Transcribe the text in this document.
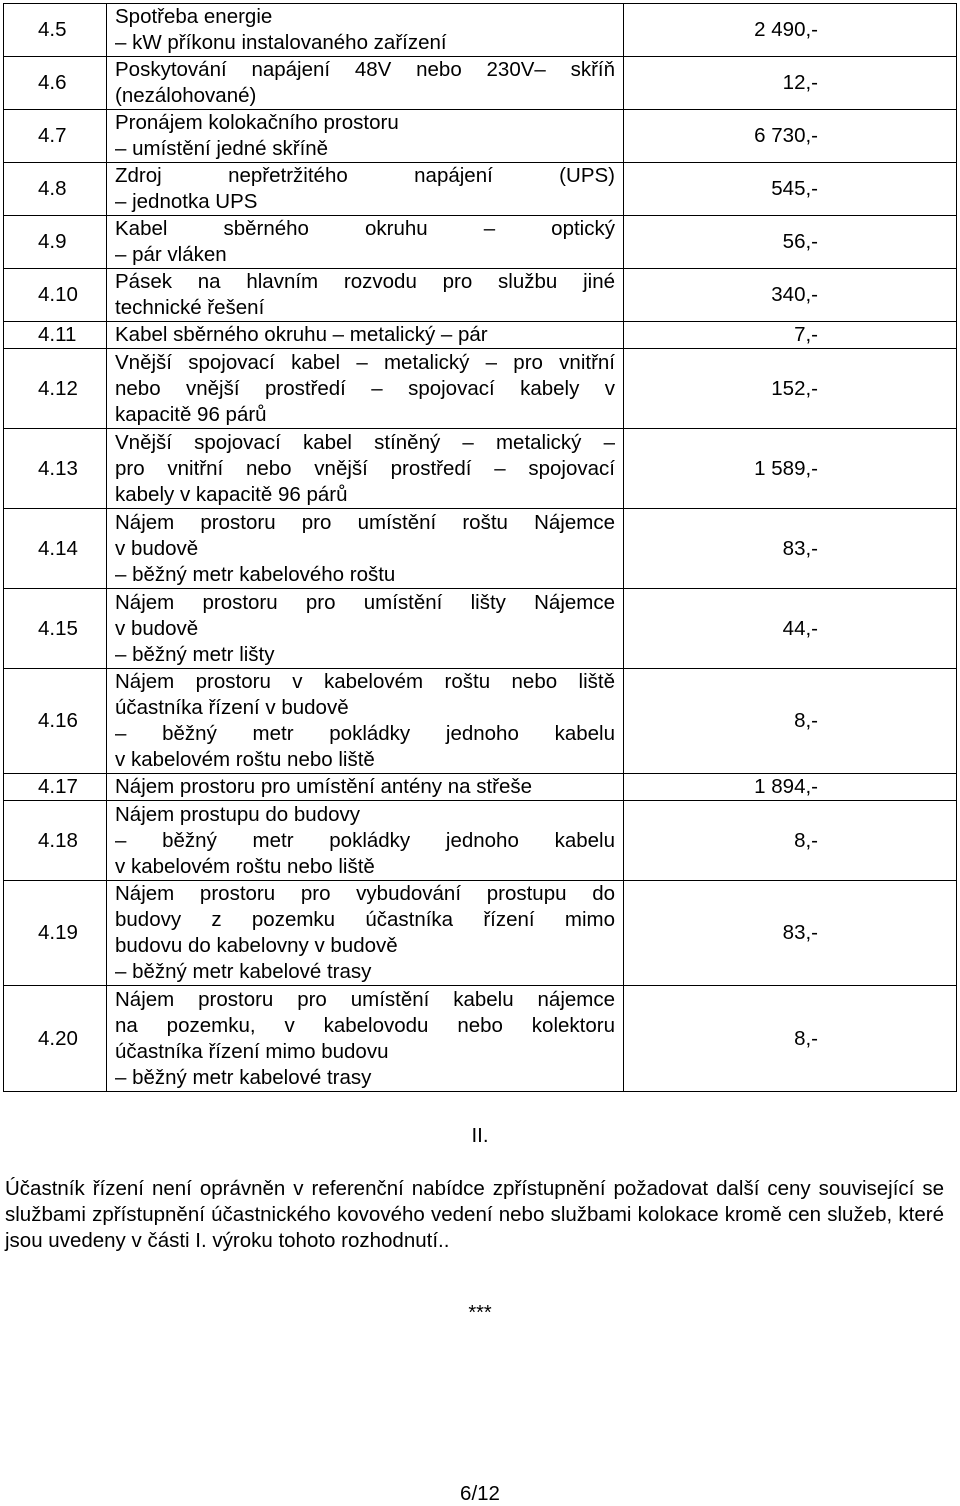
4.5	Spotřeba energie
– kW příkonu instalovaného zařízení	2 490,-
4.6	Poskytování napájení 48V nebo 230V– skříň
(nezálohované)	12,-
4.7	Pronájem kolokačního prostoru
– umístění jedné skříně	6 730,-
4.8	Zdroj nepřetržitého napájení (UPS)
– jednotka UPS	545,-
4.9	Kabel sběrného okruhu – optický
– pár vláken	56,-
4.10	Pásek na hlavním rozvodu pro službu jiné
technické řešení	340,-
4.11	Kabel sběrného okruhu – metalický – pár	7,-
4.12	Vnější spojovací kabel – metalický – pro vnitřní
nebo vnější prostředí – spojovací kabely v
kapacitě 96 párů	152,-
4.13	Vnější spojovací kabel stíněný – metalický –
pro vnitřní nebo vnější prostředí – spojovací
kabely v kapacitě 96 párů	1 589,-
4.14	Nájem prostoru pro umístění roštu Nájemce
v budově
– běžný metr kabelového roštu	83,-
4.15	Nájem prostoru pro umístění lišty Nájemce
v budově
– běžný metr lišty	44,-
4.16	Nájem prostoru v kabelovém roštu nebo liště
účastníka řízení v budově
– běžný metr pokládky jednoho kabelu
v kabelovém roštu nebo liště	8,-
4.17	Nájem prostoru pro umístění antény na střeše	1 894,-
4.18	Nájem prostupu do budovy
– běžný metr pokládky jednoho kabelu
v kabelovém roštu nebo liště	8,-
4.19	Nájem prostoru pro vybudování prostupu do
budovy z pozemku účastníka řízení mimo
budovu do kabelovny v budově
– běžný metr kabelové trasy	83,-
4.20	Nájem prostoru pro umístění kabelu nájemce
na pozemku, v kabelovodu nebo kolektoru
účastníka řízení mimo budovu
– běžný metr kabelové trasy	8,-
II.
Účastník řízení není oprávněn v referenční nabídce zpřístupnění požadovat další ceny související se službami zpřístupnění účastnického kovového vedení nebo službami kolokace kromě cen služeb, které jsou uvedeny v části I. výroku tohoto rozhodnutí..
***
6/12
